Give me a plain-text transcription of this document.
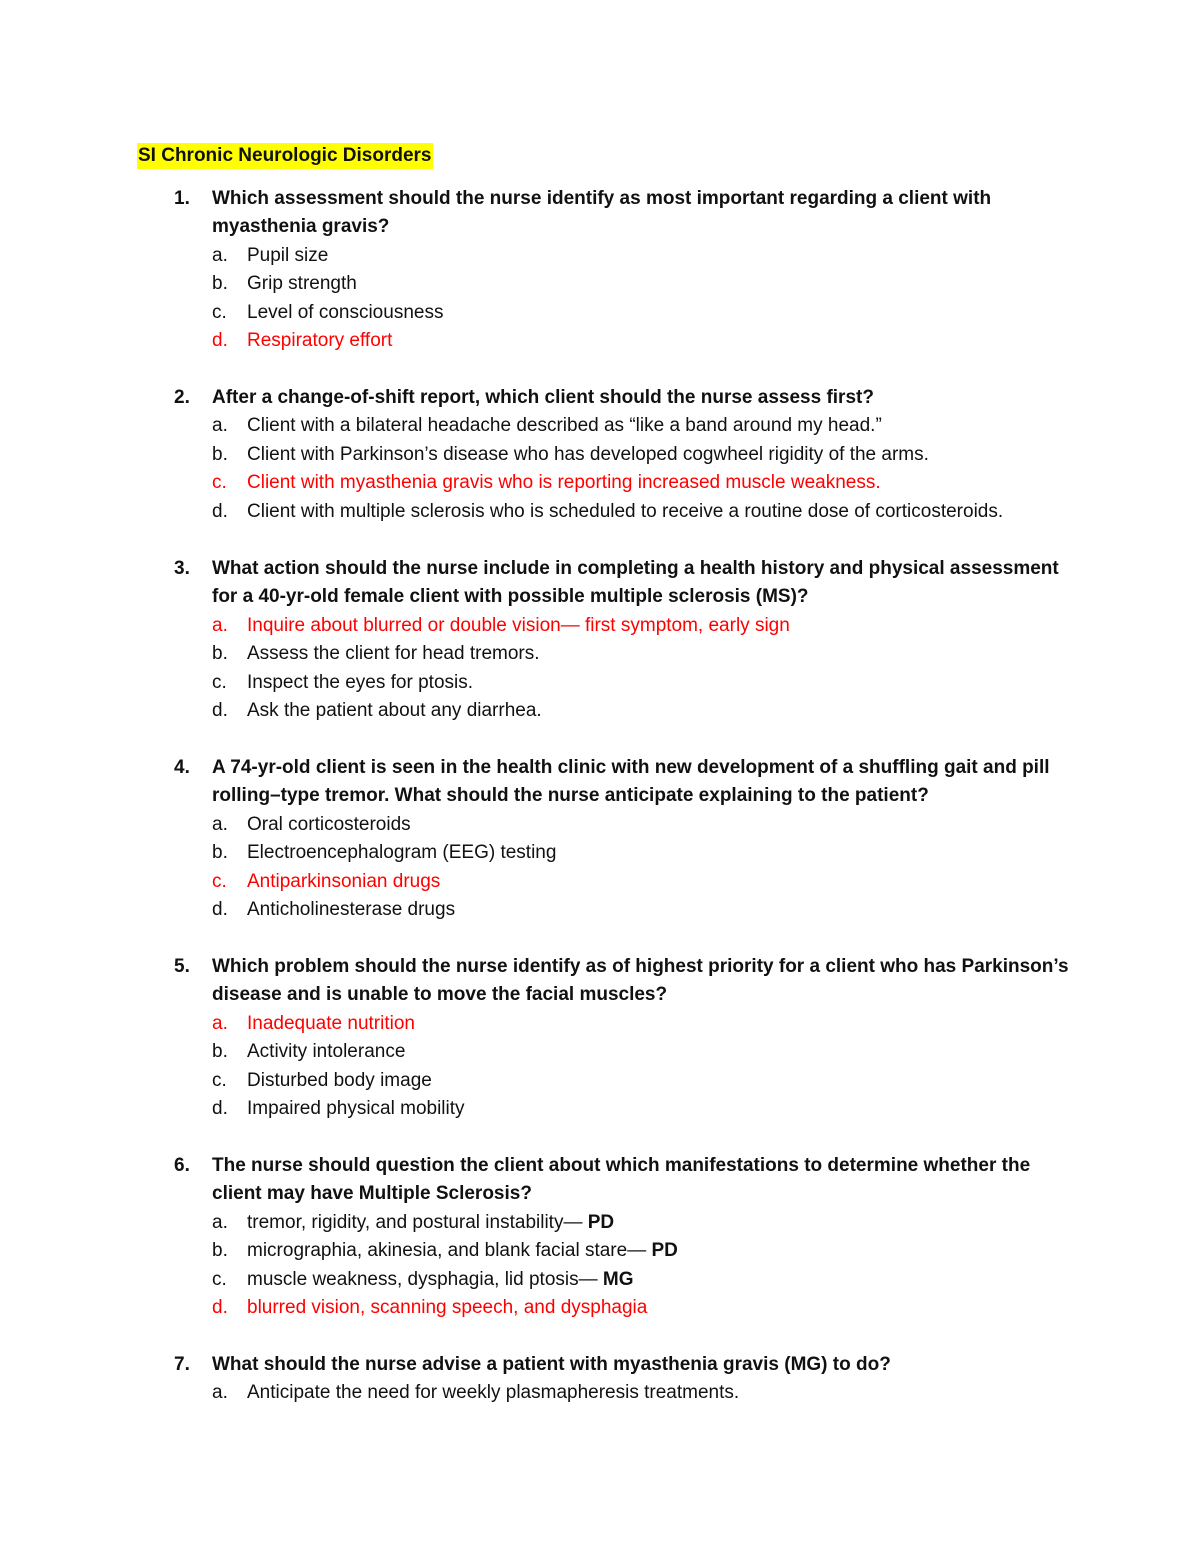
SI Chronic Neurologic Disorders
1. Which assessment should the nurse identify as most important regarding a client with myasthenia gravis?
a. Pupil size
b. Grip strength
c. Level of consciousness
d. Respiratory effort
2. After a change-of-shift report, which client should the nurse assess first?
a. Client with a bilateral headache described as “like a band around my head.”
b. Client with Parkinson’s disease who has developed cogwheel rigidity of the arms.
c. Client with myasthenia gravis who is reporting increased muscle weakness.
d. Client with multiple sclerosis who is scheduled to receive a routine dose of corticosteroids.
3. What action should the nurse include in completing a health history and physical assessment for a 40-yr-old female client with possible multiple sclerosis (MS)?
a. Inquire about blurred or double vision— first symptom, early sign
b. Assess the client for head tremors.
c. Inspect the eyes for ptosis.
d. Ask the patient about any diarrhea.
4. A 74-yr-old client is seen in the health clinic with new development of a shuffling gait and pill rolling–type tremor. What should the nurse anticipate explaining to the patient?
a. Oral corticosteroids
b. Electroencephalogram (EEG) testing
c. Antiparkinsonian drugs
d. Anticholinesterase drugs
5. Which problem should the nurse identify as of highest priority for a client who has Parkinson’s disease and is unable to move the facial muscles?
a. Inadequate nutrition
b. Activity intolerance
c. Disturbed body image
d. Impaired physical mobility
6. The nurse should question the client about which manifestations to determine whether the client may have Multiple Sclerosis?
a. tremor, rigidity, and postural instability— PD
b. micrographia, akinesia, and blank facial stare— PD
c. muscle weakness, dysphagia, lid ptosis— MG
d. blurred vision, scanning speech, and dysphagia
7. What should the nurse advise a patient with myasthenia gravis (MG) to do?
a. Anticipate the need for weekly plasmapheresis treatments.
